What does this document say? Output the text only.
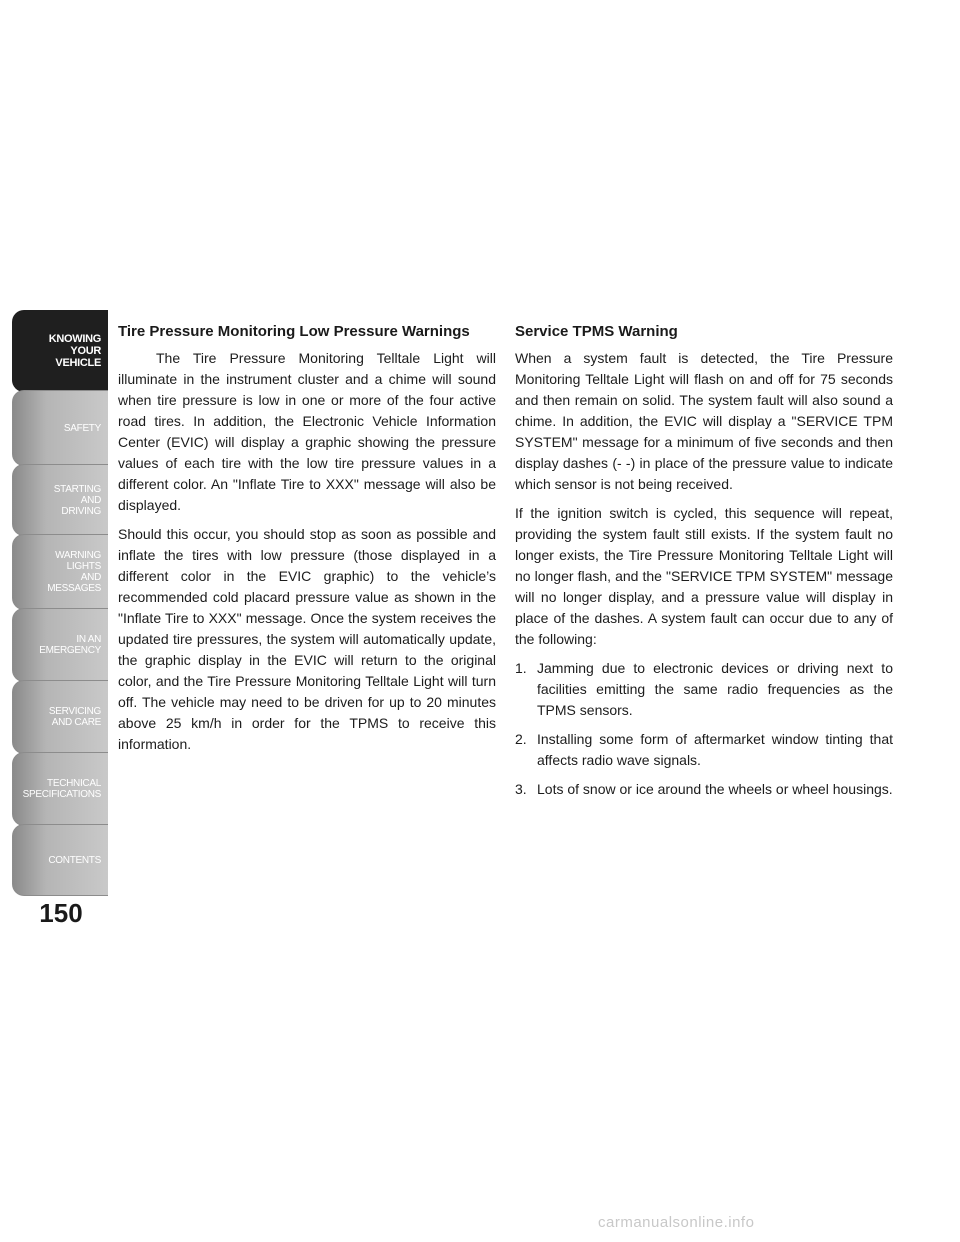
KNOWING
YOUR
VEHICLE
SAFETY
STARTING
AND
DRIVING
WARNING
LIGHTS
AND
MESSAGES
IN AN
EMERGENCY
SERVICING
AND CARE
TECHNICAL
SPECIFICATIONS
CONTENTS
150
Tire Pressure Monitoring Low Pressure Warnings

The Tire Pressure Monitoring Telltale Light will illuminate in the instrument cluster and a chime will sound when tire pressure is low in one or more of the four active road tires. In addition, the Electronic Vehicle Information Center (EVIC) will display a graphic showing the pressure values of each tire with the low tire pressure values in a different color. An "Inflate Tire to XXX" message will also be displayed.

Should this occur, you should stop as soon as possible and inflate the tires with low pressure (those displayed in a different color in the EVIC graphic) to the vehicle’s recommended cold placard pressure value as shown in the "Inflate Tire to XXX" message. Once the system receives the updated tire pressures, the system will automatically update, the graphic display in the EVIC will return to the original color, and the Tire Pressure Monitoring Telltale Light will turn off. The vehicle may need to be driven for up to 20 minutes above 25 km/h in order for the TPMS to receive this information.

Service TPMS Warning

When a system fault is detected, the Tire Pressure Monitoring Telltale Light will flash on and off for 75 seconds and then remain on solid. The system fault will also sound a chime. In addition, the EVIC will display a "SERVICE TPM SYSTEM" message for a minimum of five seconds and then display dashes (- -) in place of the pressure value to indicate which sensor is not being received.

If the ignition switch is cycled, this sequence will repeat, providing the system fault still exists. If the system fault no longer exists, the Tire Pressure Monitoring Telltale Light will no longer flash, and the "SERVICE TPM SYSTEM" message will no longer display, and a pressure value will display in place of the dashes. A system fault can occur due to any of the following:

1. Jamming due to electronic devices or driving next to facilities emitting the same radio frequencies as the TPMS sensors.
2. Installing some form of aftermarket window tinting that affects radio wave signals.
3. Lots of snow or ice around the wheels or wheel housings.
carmanualsonline.info
